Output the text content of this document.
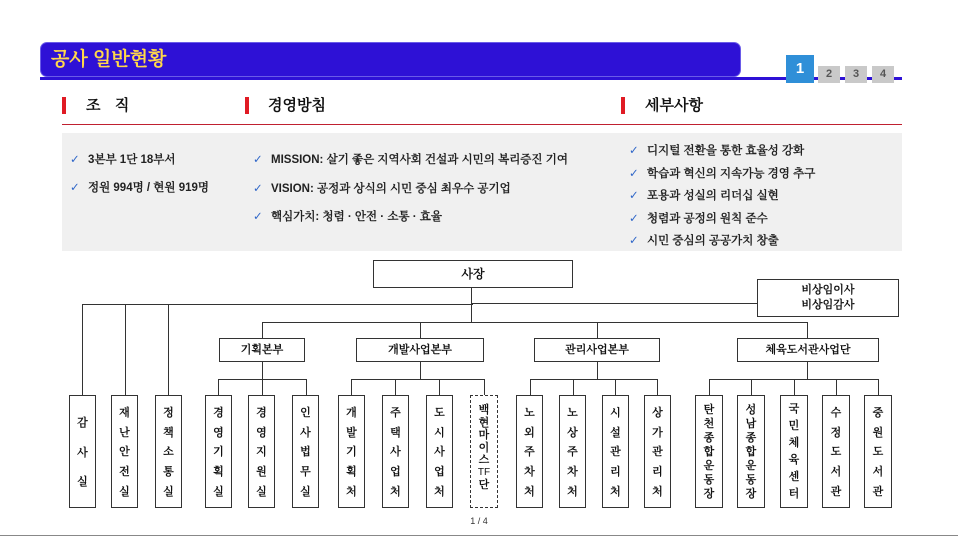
공사 일반현황	1	2	3	4
조  직	경영방침	세부사항
✓ 3본부 1단 18부서
✓ 정원 994명 / 현원 919명
✓ MISSION: 살기 좋은 지역사회 건설과 시민의 복리증진 기여
✓ VISION: 공정과 상식의 시민 중심 최우수 공기업
✓ 핵심가치: 청렴 · 안전 · 소통 · 효율
✓ 디지털 전환을 통한 효율성 강화
✓ 학습과 혁신의 지속가능 경영 추구
✓ 포용과 성실의 리더십 실현
✓ 청렴과 공정의 원칙 준수
✓ 시민 중심의 공공가치 창출
사장
비상임이사
비상임감사
기획본부	개발사업본부	관리사업본부	체육도서관사업단
감
사
실
재
난
안
전
실
정
책
소
통
실
경
영
기
획
실
경
영
지
원
실
인
사
법
무
실
개
발
기
획
처
주
택
사
업
처
도
시
사
업
처
백
현
마
이
스
TF
단
노
외
주
차
처
노
상
주
차
처
시
설
관
리
처
상
가
관
리
처
탄
천
종
합
운
동
장
성
남
종
합
운
동
장
국
민
체
육
센
터
수
정
도
서
관
중
원
도
서
관
1 / 4
